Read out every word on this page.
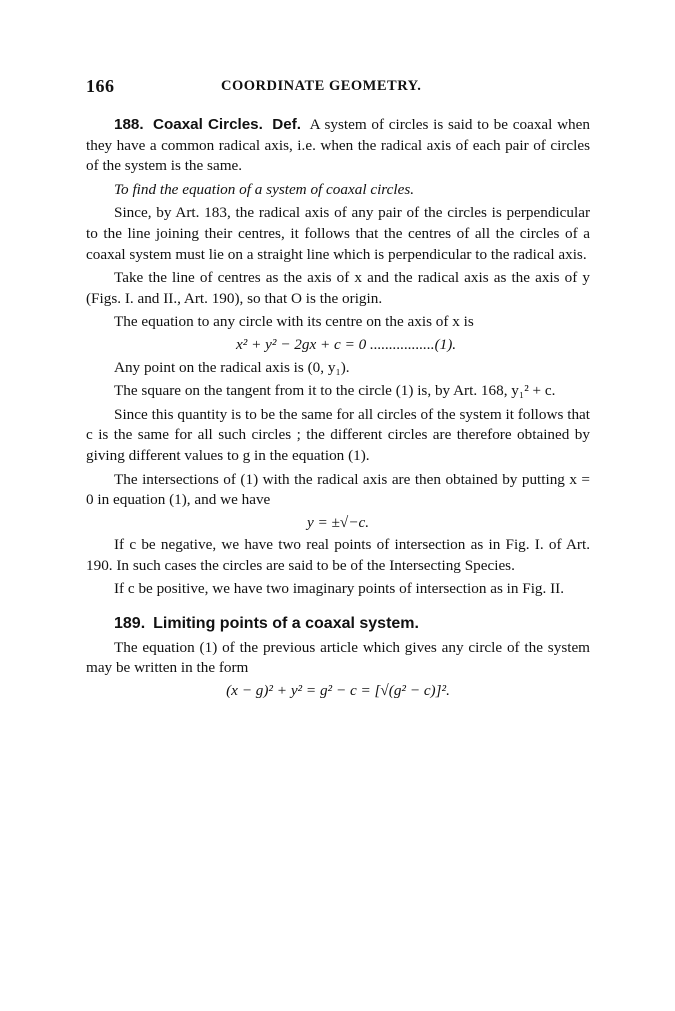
166	COORDINATE GEOMETRY.

188. Coaxal Circles. Def. A system of circles is said to be coaxal when they have a common radical axis, i.e. when the radical axis of each pair of circles of the system is the same.

To find the equation of a system of coaxal circles.

Since, by Art. 183, the radical axis of any pair of the circles is perpendicular to the line joining their centres, it follows that the centres of all the circles of a coaxal system must lie on a straight line which is perpendicular to the radical axis.

Take the line of centres as the axis of x and the radical axis as the axis of y (Figs. I. and II., Art. 190), so that O is the origin.

The equation to any circle with its centre on the axis of x is

x² + y² − 2gx + c = 0 .................(1).

Any point on the radical axis is (0, y₁).

The square on the tangent from it to the circle (1) is, by Art. 168, y₁² + c.

Since this quantity is to be the same for all circles of the system it follows that c is the same for all such circles ; the different circles are therefore obtained by giving different values to g in the equation (1).

The intersections of (1) with the radical axis are then obtained by putting x = 0 in equation (1), and we have

y = ±√−c.

If c be negative, we have two real points of intersection as in Fig. I. of Art. 190. In such cases the circles are said to be of the Intersecting Species.

If c be positive, we have two imaginary points of intersection as in Fig. II.

189. Limiting points of a coaxal system.

The equation (1) of the previous article which gives any circle of the system may be written in the form

(x − g)² + y² = g² − c = [√(g² − c)]².
